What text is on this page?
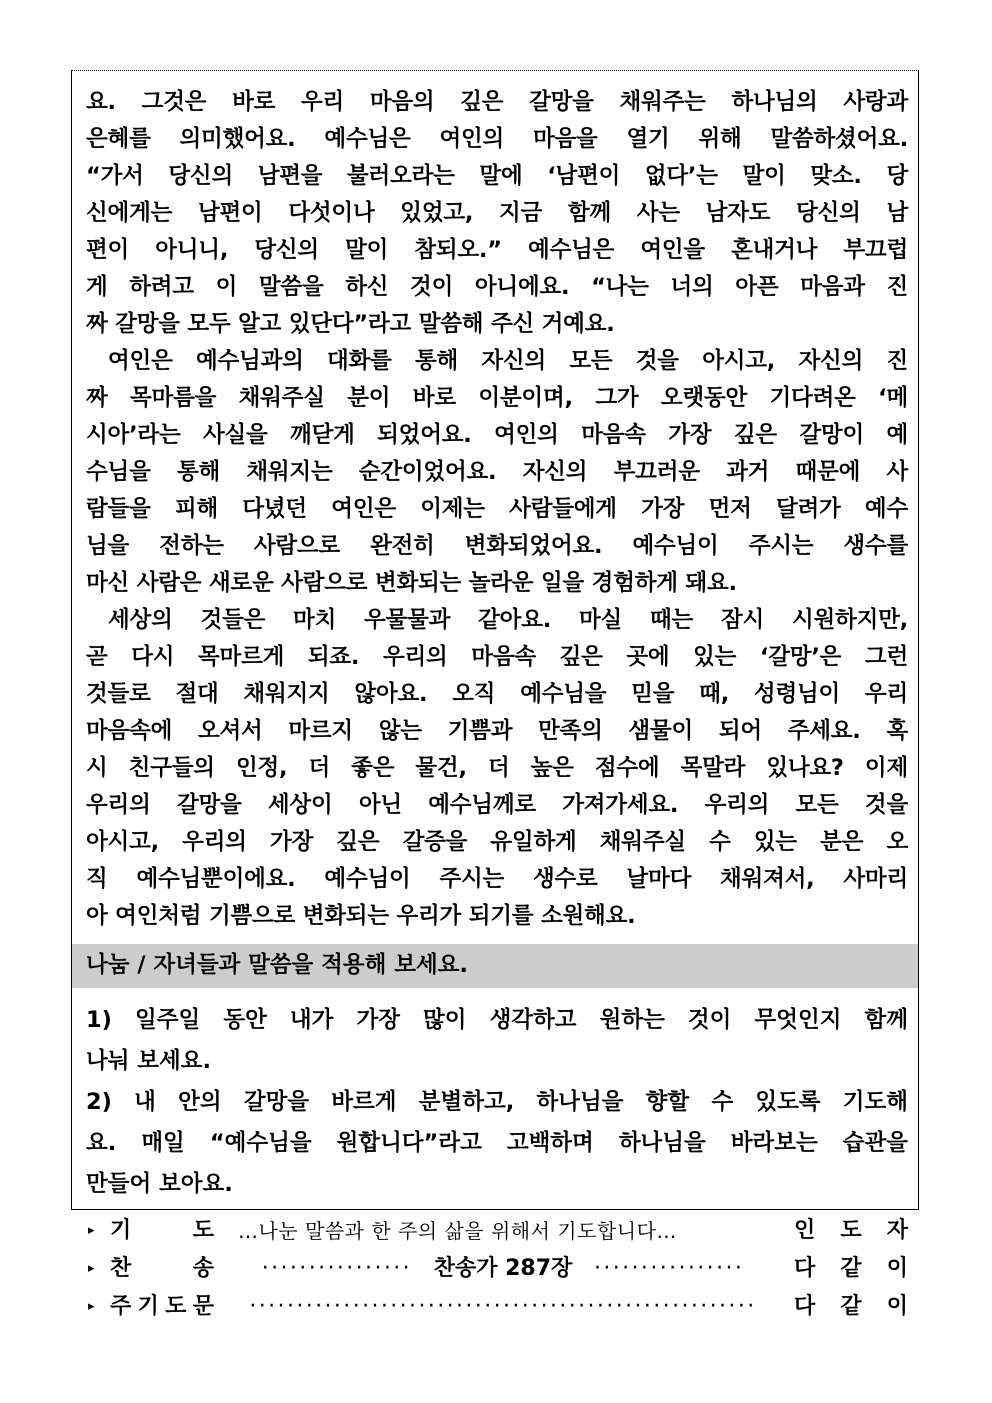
요. 그것은 바로 우리 마음의 깊은 갈망을 채워주는 하나님의 사랑과
은혜를 의미했어요. 예수님은 여인의 마음을 열기 위해 말씀하셨어요.
“가서 당신의 남편을 불러오라는 말에 ‘남편이 없다’는 말이 맞소. 당
신에게는 남편이 다섯이나 있었고, 지금 함께 사는 남자도 당신의 남
편이 아니니, 당신의 말이 참되오.” 예수님은 여인을 혼내거나 부끄럽
게 하려고 이 말씀을 하신 것이 아니에요. “나는 너의 아픈 마음과 진
짜 갈망을 모두 알고 있단다”라고 말씀해 주신 거예요.
여인은 예수님과의 대화를 통해 자신의 모든 것을 아시고, 자신의 진
짜 목마름을 채워주실 분이 바로 이분이며, 그가 오랫동안 기다려온 ‘메
시아’라는 사실을 깨닫게 되었어요. 여인의 마음속 가장 깊은 갈망이 예
수님을 통해 채워지는 순간이었어요. 자신의 부끄러운 과거 때문에 사
람들을 피해 다녔던 여인은 이제는 사람들에게 가장 먼저 달려가 예수
님을 전하는 사람으로 완전히 변화되었어요. 예수님이 주시는 생수를
마신 사람은 새로운 사람으로 변화되는 놀라운 일을 경험하게 돼요.
세상의 것들은 마치 우물물과 같아요. 마실 때는 잠시 시원하지만,
곧 다시 목마르게 되죠. 우리의 마음속 깊은 곳에 있는 ‘갈망’은 그런
것들로 절대 채워지지 않아요. 오직 예수님을 믿을 때, 성령님이 우리
마음속에 오셔서 마르지 않는 기쁨과 만족의 샘물이 되어 주세요. 혹
시 친구들의 인정, 더 좋은 물건, 더 높은 점수에 목말라 있나요? 이제
우리의 갈망을 세상이 아닌 예수님께로 가져가세요. 우리의 모든 것을
아시고, 우리의 가장 깊은 갈증을 유일하게 채워주실 수 있는 분은 오
직 예수님뿐이에요. 예수님이 주시는 생수로 날마다 채워져서, 사마리
아 여인처럼 기쁨으로 변화되는 우리가 되기를 소원해요.
나눔 / 자녀들과 말씀을 적용해 보세요.
1) 일주일 동안 내가 가장 많이 생각하고 원하는 것이 무엇인지 함께
나눠 보세요.
2) 내 안의 갈망을 바르게 분별하고, 하나님을 향할 수 있도록 기도해
요. 매일 “예수님을 원합니다”라고 고백하며 하나님을 바라보는 습관을
만들어 보아요.
▸ 기	도 …나눈 말씀과 한 주의 삶을 위해서 기도합니다…	인 도 자
▸ 찬	송	················ 찬송가 287장 ················	다 같 이
▸ 주 기 도 문	······················································	다 같 이
